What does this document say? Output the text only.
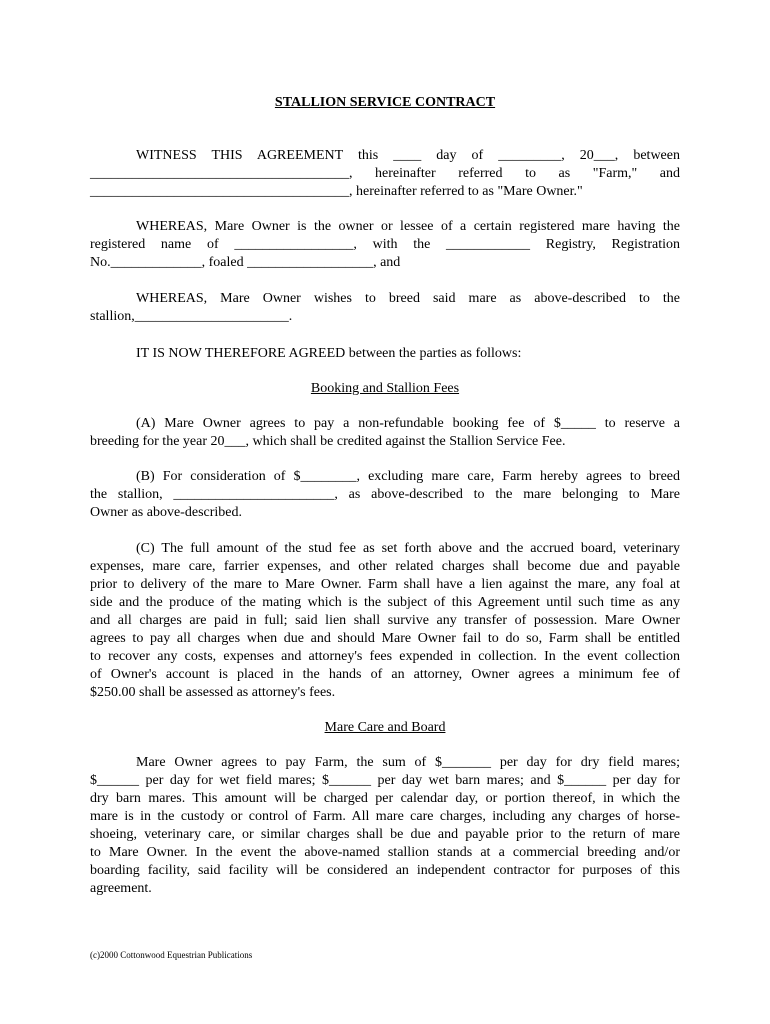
STALLION SERVICE CONTRACT
WITNESS THIS AGREEMENT this ____ day of _________, 20___, between
_____________________________________, hereinafter referred to as "Farm," and
_____________________________________, hereinafter referred to as "Mare Owner."
WHEREAS, Mare Owner is the owner or lessee of a certain registered mare having the
registered name of _________________, with the ____________ Registry, Registration
No._____________, foaled __________________, and
WHEREAS, Mare Owner wishes to breed said mare as above-described to the
stallion,______________________.
IT IS NOW THEREFORE AGREED between the parties as follows:
Booking and Stallion Fees
(A) Mare Owner agrees to pay a non-refundable booking fee of $_____ to reserve a
breeding for the year 20___, which shall be credited against the Stallion Service Fee.
(B) For consideration of $________, excluding mare care, Farm hereby agrees to breed
the stallion, _______________________, as above-described to the mare belonging to Mare
Owner as above-described.
(C) The full amount of the stud fee as set forth above and the accrued board, veterinary
expenses, mare care, farrier expenses, and other related charges shall become due and payable
prior to delivery of the mare to Mare Owner. Farm shall have a lien against the mare, any foal at
side and the produce of the mating which is the subject of this Agreement until such time as any
and all charges are paid in full; said lien shall survive any transfer of possession. Mare Owner
agrees to pay all charges when due and should Mare Owner fail to do so, Farm shall be entitled
to recover any costs, expenses and attorney's fees expended in collection. In the event collection
of Owner's account is placed in the hands of an attorney, Owner agrees a minimum fee of
$250.00 shall be assessed as attorney's fees.
Mare Care and Board
Mare Owner agrees to pay Farm, the sum of $_______ per day for dry field mares;
$______ per day for wet field mares; $______ per day wet barn mares; and $______ per day for
dry barn mares. This amount will be charged per calendar day, or portion thereof, in which the
mare is in the custody or control of Farm. All mare care charges, including any charges of horse-
shoeing, veterinary care, or similar charges shall be due and payable prior to the return of mare
to Mare Owner. In the event the above-named stallion stands at a commercial breeding and/or
boarding facility, said facility will be considered an independent contractor for purposes of this
agreement.
(c)2000 Cottonwood Equestrian Publications
